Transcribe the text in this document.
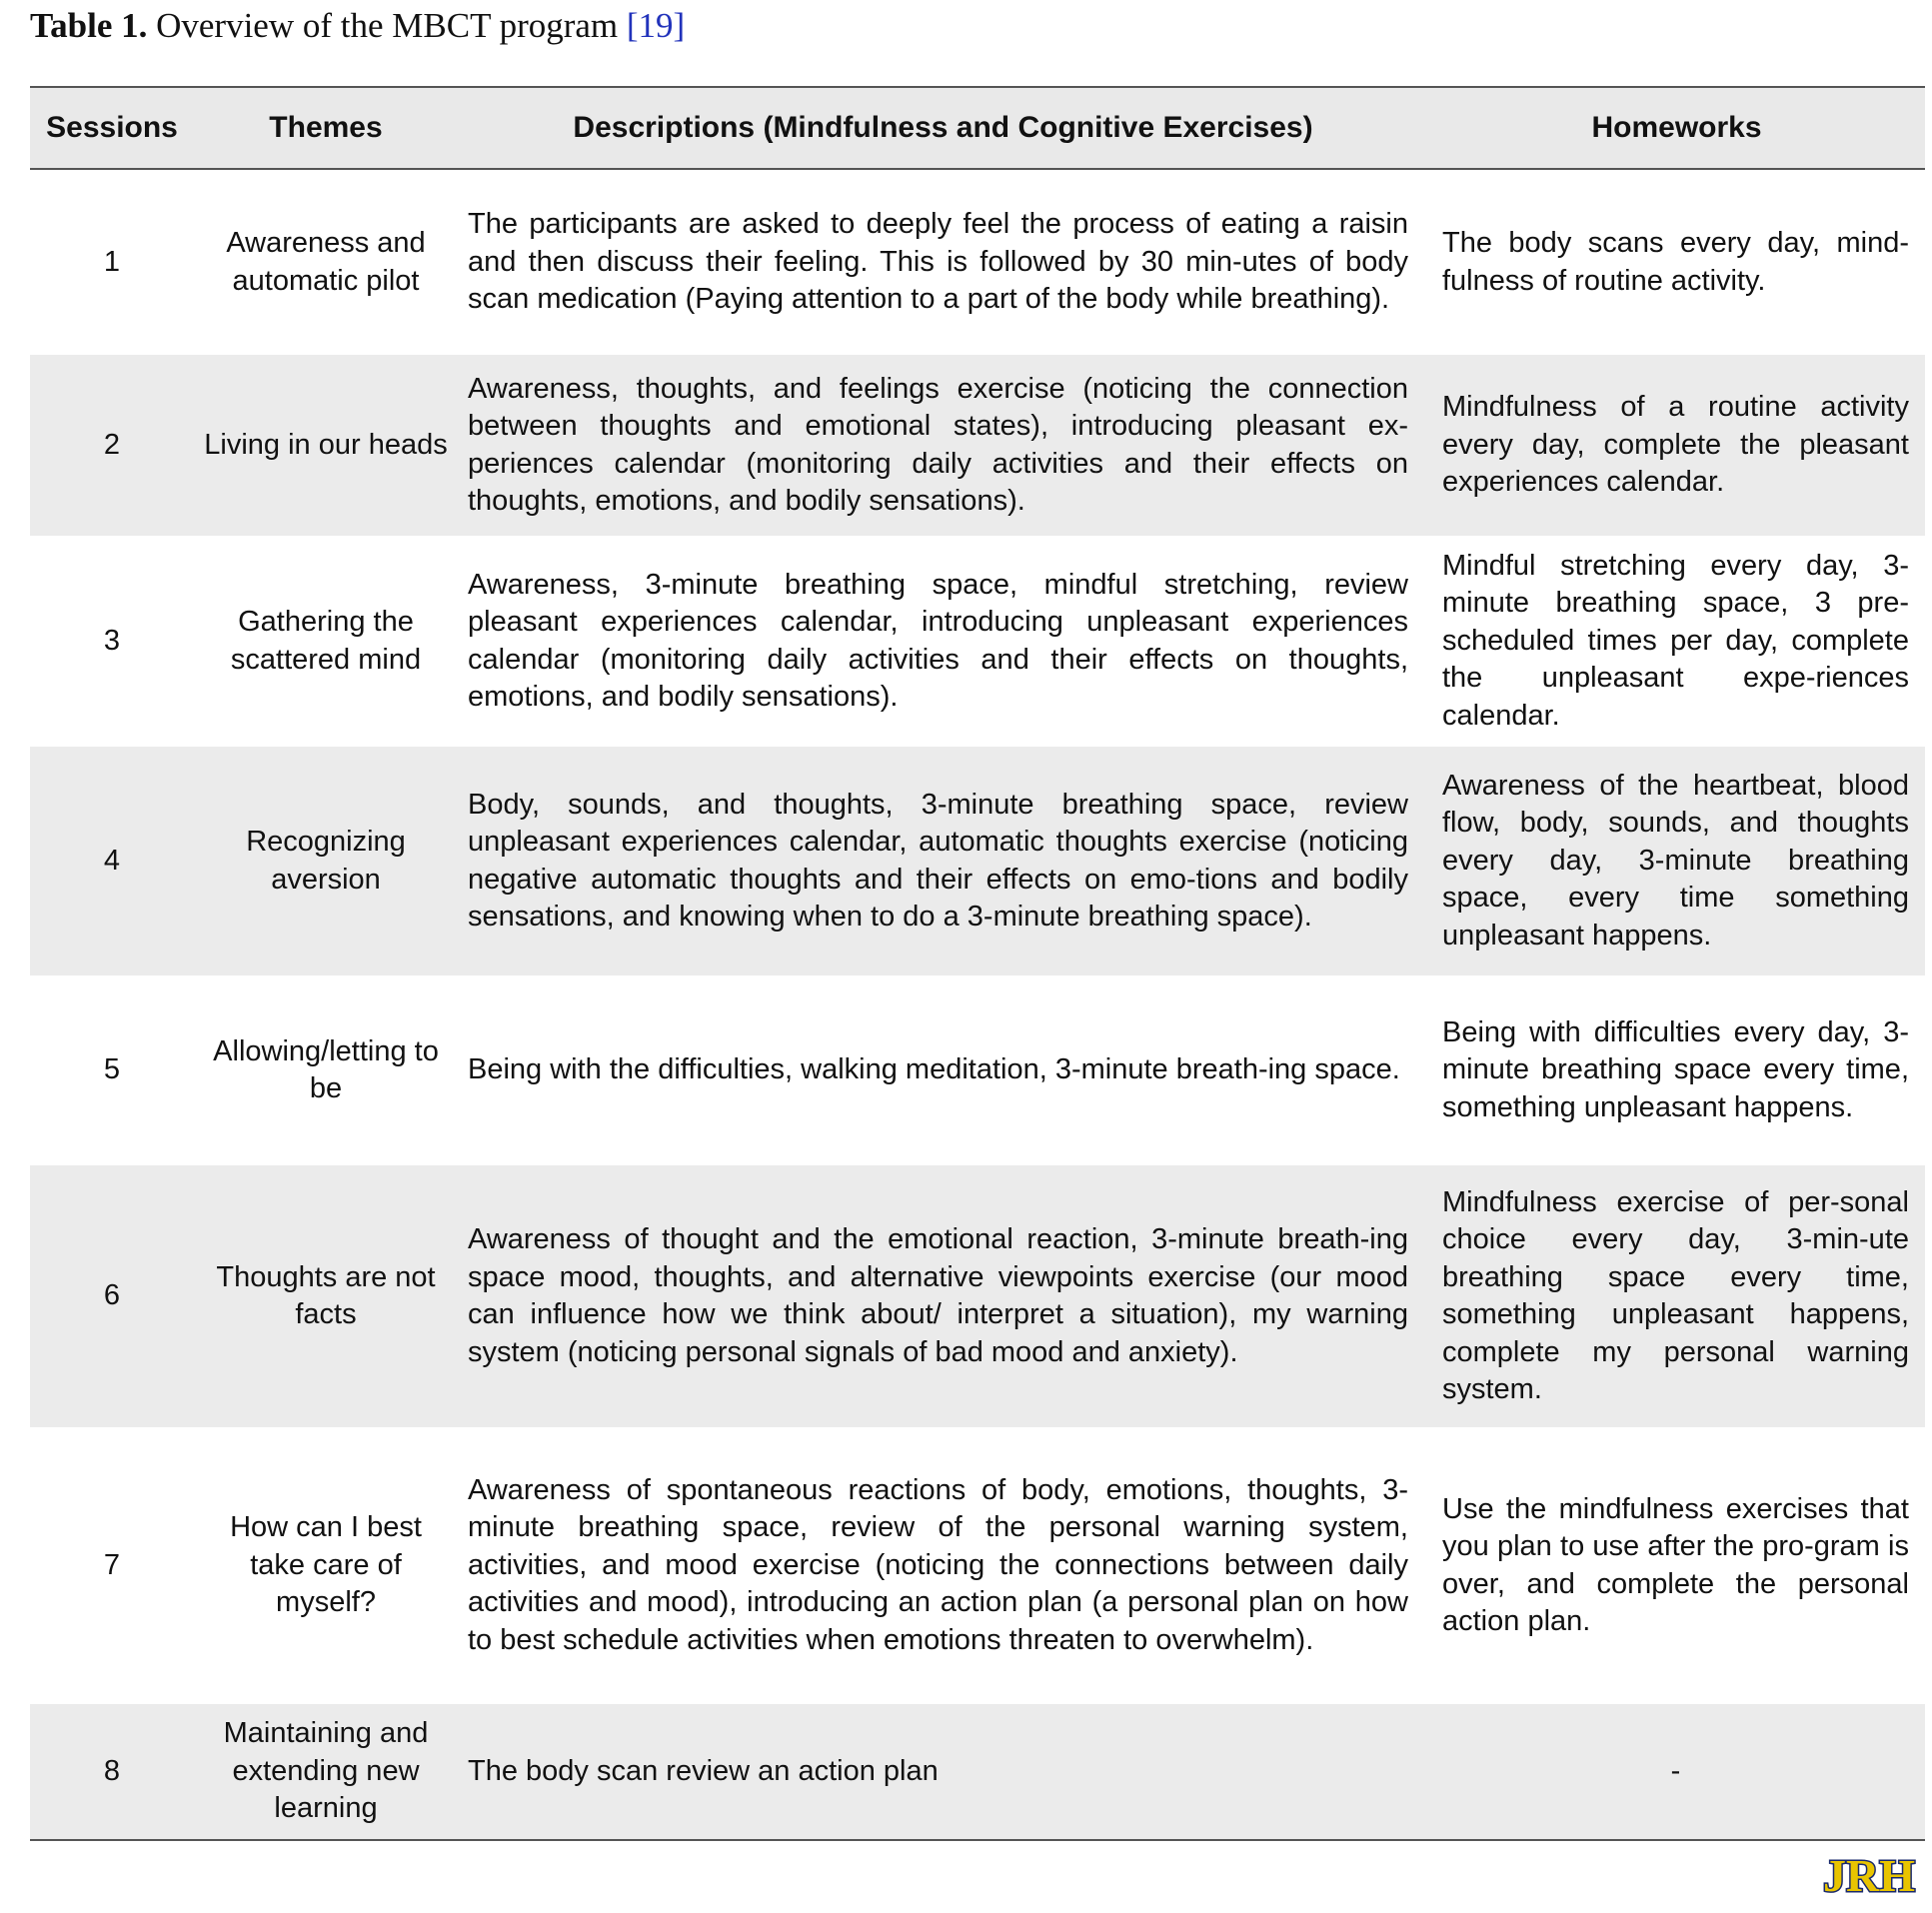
Table 1. Overview of the MBCT program [19]
Sessions	Themes	Descriptions (Mindfulness and Cognitive Exercises)	Homeworks
1	Awareness and automatic pilot	The participants are asked to deeply feel the process of eating a raisin and then discuss their feeling. This is followed by 30 min-utes of body scan medication (Paying attention to a part of the body while breathing).	The body scans every day, mind-fulness of routine activity.
2	Living in our heads	Awareness, thoughts, and feelings exercise (noticing the connection between thoughts and emotional states), introducing pleasant ex-periences calendar (monitoring daily activities and their effects on thoughts, emotions, and bodily sensations).	Mindfulness of a routine activity every day, complete the pleasant experiences calendar.
3	Gathering the scattered mind	Awareness, 3-minute breathing space, mindful stretching, review pleasant experiences calendar, introducing unpleasant experiences calendar (monitoring daily activities and their effects on thoughts, emotions, and bodily sensations).	Mindful stretching every day, 3-minute breathing space, 3 pre-scheduled times per day, complete the unpleasant expe-riences calendar.
4	Recognizing aversion	Body, sounds, and thoughts, 3-minute breathing space, review unpleasant experiences calendar, automatic thoughts exercise (noticing negative automatic thoughts and their effects on emo-tions and bodily sensations, and knowing when to do a 3-minute breathing space).	Awareness of the heartbeat, blood flow, body, sounds, and thoughts every day, 3-minute breathing space, every time something unpleasant happens.
5	Allowing/letting to be	Being with the difficulties, walking meditation, 3-minute breath-ing space.	Being with difficulties every day, 3-minute breathing space every time, something unpleasant happens.
6	Thoughts are not facts	Awareness of thought and the emotional reaction, 3-minute breath-ing space mood, thoughts, and alternative viewpoints exercise (our mood can influence how we think about/ interpret a situation), my warning system (noticing personal signals of bad mood and anxiety).	Mindfulness exercise of per-sonal choice every day, 3-min-ute breathing space every time, something unpleasant happens, complete my personal warning system.
7	How can I best take care of myself?	Awareness of spontaneous reactions of body, emotions, thoughts, 3-minute breathing space, review of the personal warning system, activities, and mood exercise (noticing the connections between daily activities and mood), introducing an action plan (a personal plan on how to best schedule activities when emotions threaten to overwhelm).	Use the mindfulness exercises that you plan to use after the pro-gram is over, and complete the personal action plan.
8	Maintaining and extending new learning	The body scan review an action plan	-
JRH
